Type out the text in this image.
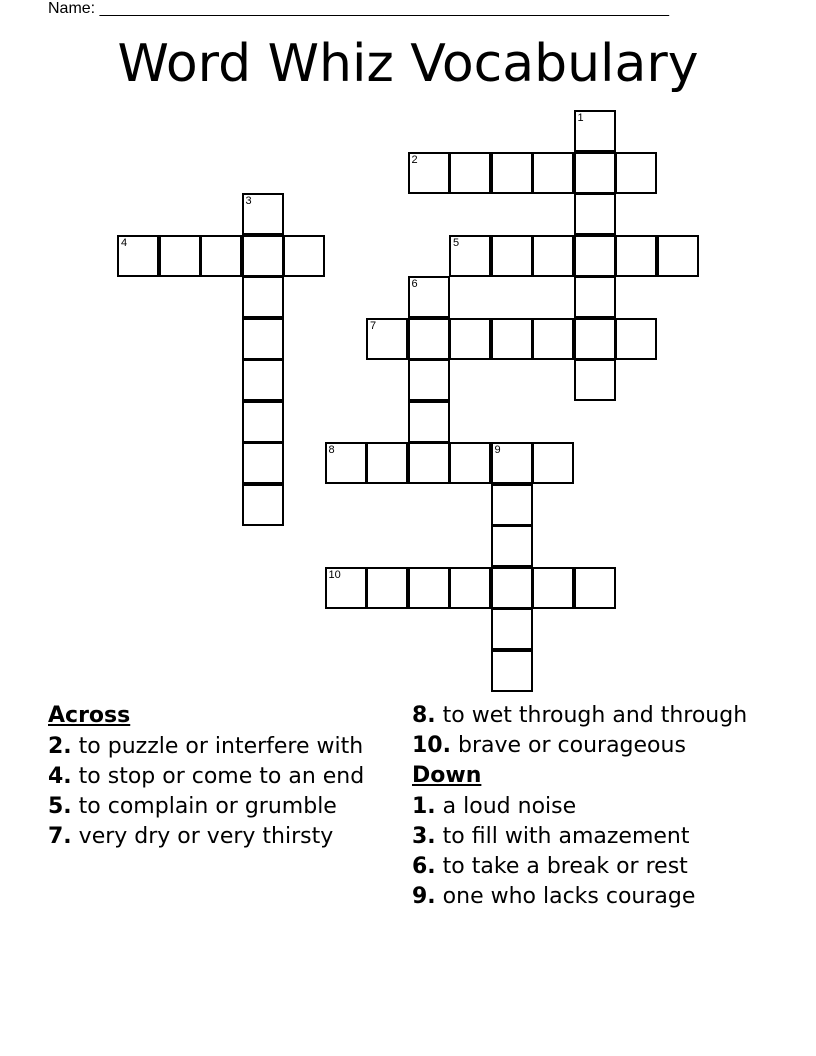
Name: ________________________________________________________________
Word Whiz Vocabulary
1
2
3
4	5
6
7
8	9
10
Across
2. to puzzle or interfere with
4. to stop or come to an end
5. to complain or grumble
7. very dry or very thirsty
8. to wet through and through
10. brave or courageous
Down
1. a loud noise
3. to fill with amazement
6. to take a break or rest
9. one who lacks courage
